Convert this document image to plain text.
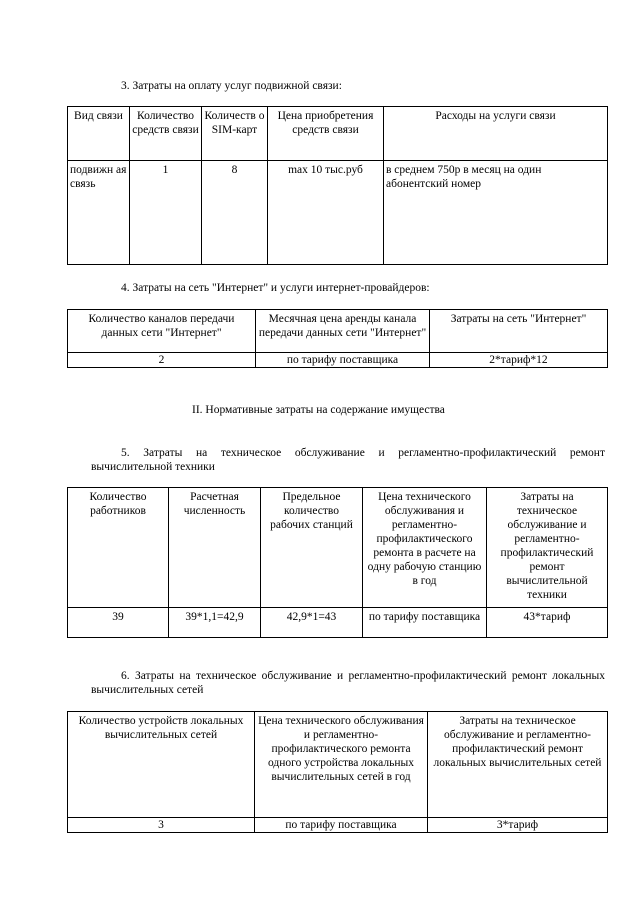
3. Затраты на оплату услуг подвижной связи:
Вид связи	Количество средств связи	Количеств о SIM-карт	Цена приобретения средств связи	Расходы на услуги связи
подвижн ая связь	1	8	max 10 тыс.руб	в среднем 750р в месяц на один абонентский номер
4. Затраты на сеть "Интернет" и услуги интернет-провайдеров:
Количество каналов передачи данных сети "Интернет"	Месячная цена аренды канала передачи данных сети "Интернет"	Затраты на сеть "Интернет"
2	по тарифу поставщика	2*тариф*12
II. Нормативные затраты на содержание имущества
5. Затраты на техническое обслуживание и регламентно-профилактический ремонт вычислительной техники
Количество работников	Расчетная численность	Предельное количество рабочих станций	Цена технического обслуживания и регламентно-профилактического ремонта в расчете на одну рабочую станцию в год	Затраты на техническое обслуживание и регламентно-профилактический ремонт вычислительной техники
39	39*1,1=42,9	42,9*1=43	по тарифу поставщика	43*тариф
6. Затраты на техническое обслуживание и регламентно-профилактический ремонт локальных вычислительных сетей
Количество устройств локальных вычислительных сетей	Цена технического обслуживания и регламентно-профилактического ремонта одного устройства локальных вычислительных сетей в год	Затраты на техническое обслуживание и регламентно-профилактический ремонт локальных вычислительных сетей
3	по тарифу поставщика	3*тариф
